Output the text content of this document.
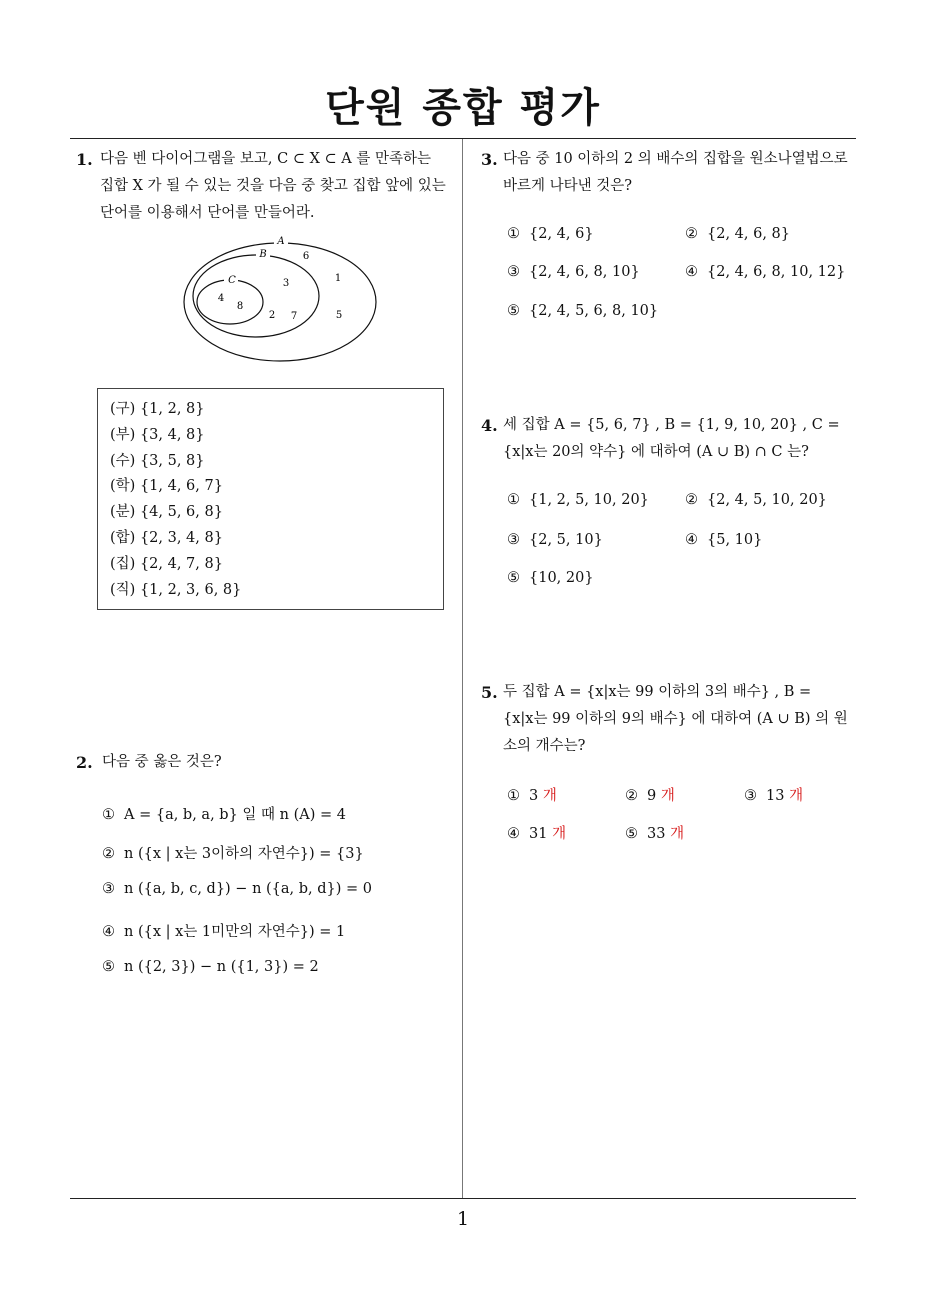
단원 종합 평가
1. 다음 벤 다이어그램을 보고, C ⊂ X ⊂ A 를 만족하는
집합 X 가 될 수 있는 것을 다음 중 찾고 집합 앞에 있는
단어를 이용해서 단어를 만들어라.
A
B
C
6
1
3
4
8
2 7	5
(구) {1, 2, 8}
(부) {3, 4, 8}
(수) {3, 5, 8}
(학) {1, 4, 6, 7}
(분) {4, 5, 6, 8}
(합) {2, 3, 4, 8}
(집) {2, 4, 7, 8}
(직) {1, 2, 3, 6, 8}
2. 다음 중 옳은 것은?
① A = {a, b, a, b} 일 때 n (A) = 4
② n ({x | x는 3이하의 자연수}) = {3}
③ n ({a, b, c, d}) − n ({a, b, d}) = 0
④ n ({x | x는 1미만의 자연수}) = 1
⑤ n ({2, 3}) − n ({1, 3}) = 2
3. 다음 중 10 이하의 2 의 배수의 집합을 원소나열법으로
바르게 나타낸 것은?
① {2, 4, 6}	② {2, 4, 6, 8}
③ {2, 4, 6, 8, 10}	④ {2, 4, 6, 8, 10, 12}
⑤ {2, 4, 5, 6, 8, 10}
4. 세 집합 A = {5, 6, 7} , B = {1, 9, 10, 20} , C =
{x|x는 20의 약수} 에 대하여 (A ∪ B) ∩ C 는?
① {1, 2, 5, 10, 20} ② {2, 4, 5, 10, 20}
③ {2, 5, 10}	④ {5, 10}
⑤ {10, 20}
5. 두 집합 A = {x|x는 99 이하의 3의 배수} , B =
{x|x는 99 이하의 9의 배수} 에 대하여 (A ∪ B) 의 원
소의 개수는?
① 3 개	② 9 개	③ 13 개
④ 31 개	⑤ 33 개
1
